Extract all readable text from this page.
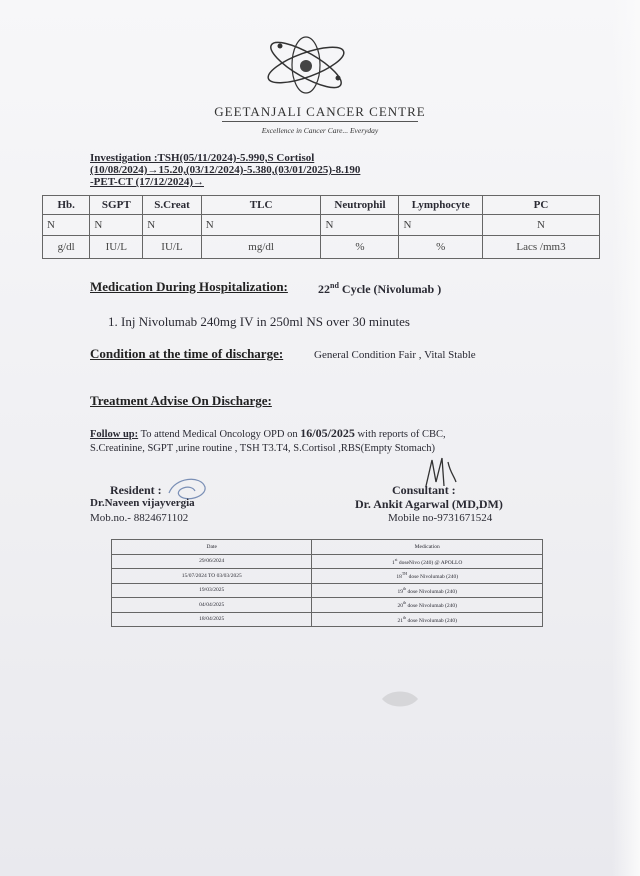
GEETANJALI CANCER CENTRE
Excellence in Cancer Care... Everyday
Investigation :TSH(05/11/2024)-5.990,S Cortisol
(10/08/2024)→15.20,(03/12/2024)-5.380,(03/01/2025)-8.190
-PET-CT (17/12/2024)→
Hb.	SGPT	S.Creat	TLC	Neutrophil	Lymphocyte	PC
N	N	N	N	N	N	N
g/dl	IU/L	IU/L	mg/dl	%	%	Lacs /mm3
Medication During Hospitalization:	22nd Cycle (Nivolumab )
1. Inj Nivolumab 240mg IV in 250ml NS over 30 minutes
Condition at the time of discharge:	General Condition Fair , Vital Stable
Treatment Advise On Discharge:
Follow up: To attend Medical Oncology OPD on 16/05/2025 with reports of CBC,
S.Creatinine, SGPT ,urine routine , TSH T3.T4, S.Cortisol ,RBS(Empty Stomach)
Resident :
Dr.Naveen vijayvergia
Mob.no.- 8824671102
Consultant :
Dr. Ankit Agarwal (MD,DM)
Mobile no-9731671524
Date	Medication
29/06/2024	1st doseNivo (240) @ APOLLO
15/07/2024 TO 03/03/2025	18TH dose Nivolumab (240)
19/03/2025	19th dose Nivolumab (240)
04/04/2025	20th dose Nivolumab (240)
18/04/2025	21th dose Nivolumab (240)
